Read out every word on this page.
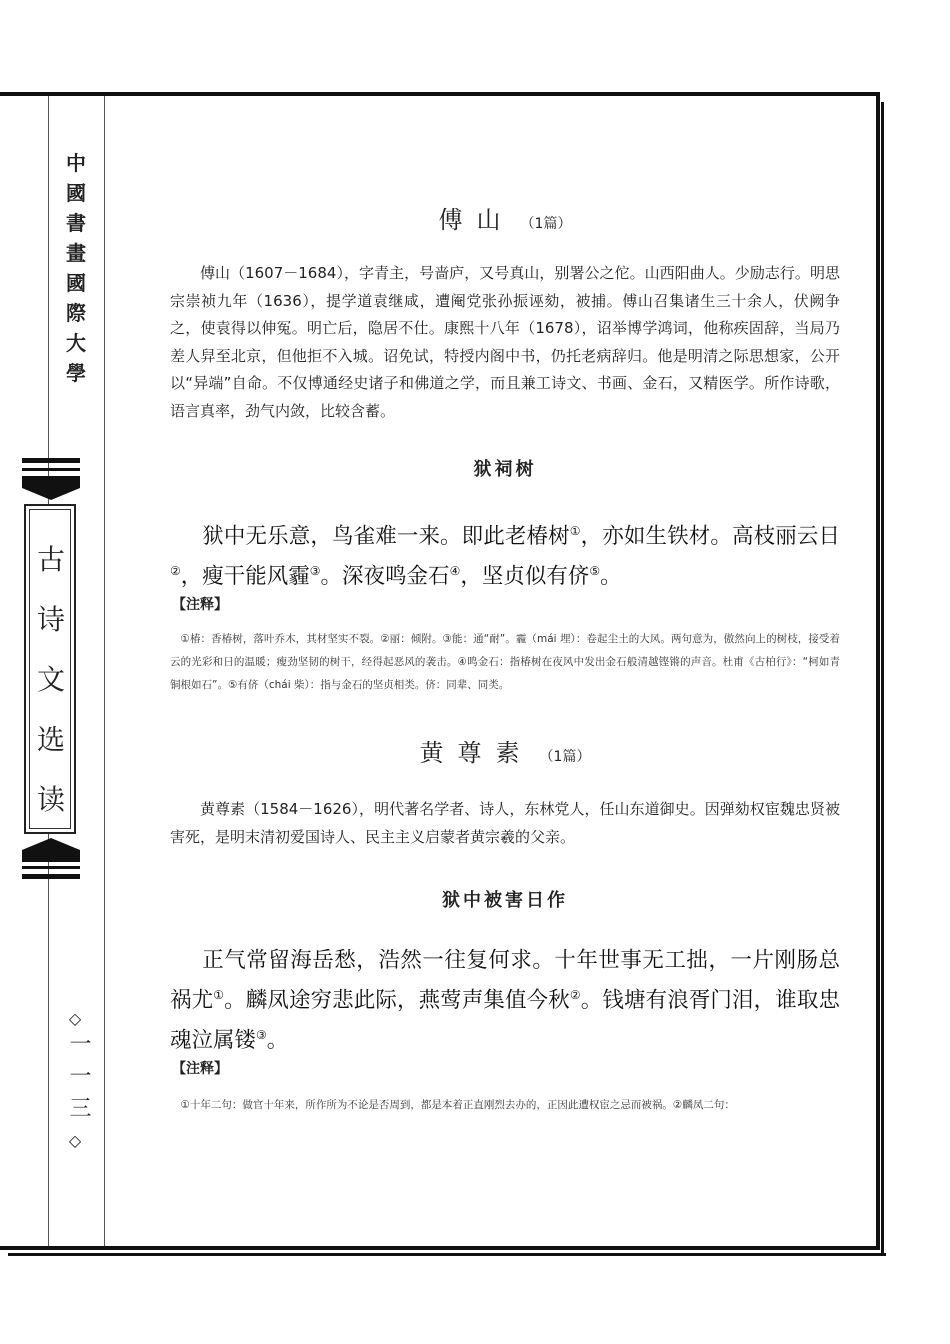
中國書畫國際大學
古诗文选读
◇
一一三
◇
傅山 （1篇）
傅山（1607－1684），字青主，号啬庐，又号真山，别署公之佗。山西阳曲人。少励志行。明思宗崇祯九年（1636），提学道袁继咸，遭阉党张孙振诬劾，被捕。傅山召集诸生三十余人，伏阙争之，使袁得以伸冤。明亡后，隐居不仕。康熙十八年（1678），诏举博学鸿词，他称疾固辞，当局乃差人舁至北京，但他拒不入城。诏免试，特授内阁中书，仍托老病辞归。他是明清之际思想家，公开以“异端”自命。不仅博通经史诸子和佛道之学，而且兼工诗文、书画、金石，又精医学。所作诗歌，语言真率，劲气内敛，比较含蓄。
狱祠树
狱中无乐意，鸟雀难一来。即此老椿树①，亦如生铁材。高枝丽云日②，瘦干能风霾③。深夜鸣金石④，坚贞似有侪⑤。
【注释】
①椿：香椿树，落叶乔木，其材坚实不裂。②丽：倾附。③能：通“耐”。霾（mái 埋）：卷起尘土的大风。两句意为，傲然向上的树枝，接受着云的光彩和日的温暖；瘦劲坚韧的树干，经得起恶风的袭击。④鸣金石：指椿树在夜风中发出金石般清越铿锵的声音。杜甫《古柏行》：“柯如青铜根如石”。⑤有侪（chái 柴）：指与金石的坚贞相类。侪：同辈、同类。
黄尊素 （1篇）
黄尊素（1584－1626），明代著名学者、诗人，东林党人，任山东道御史。因弹劾权宦魏忠贤被害死，是明末清初爱国诗人、民主主义启蒙者黄宗羲的父亲。
狱中被害日作
正气常留海岳愁，浩然一往复何求。十年世事无工拙，一片刚肠总祸尤①。麟凤途穷悲此际，燕莺声集值今秋②。钱塘有浪胥门泪，谁取忠魂泣属镂③。
【注释】
①十年二句：做官十年来，所作所为不论是否周到，都是本着正直刚烈去办的，正因此遭权宦之忌而被祸。②麟凤二句：
